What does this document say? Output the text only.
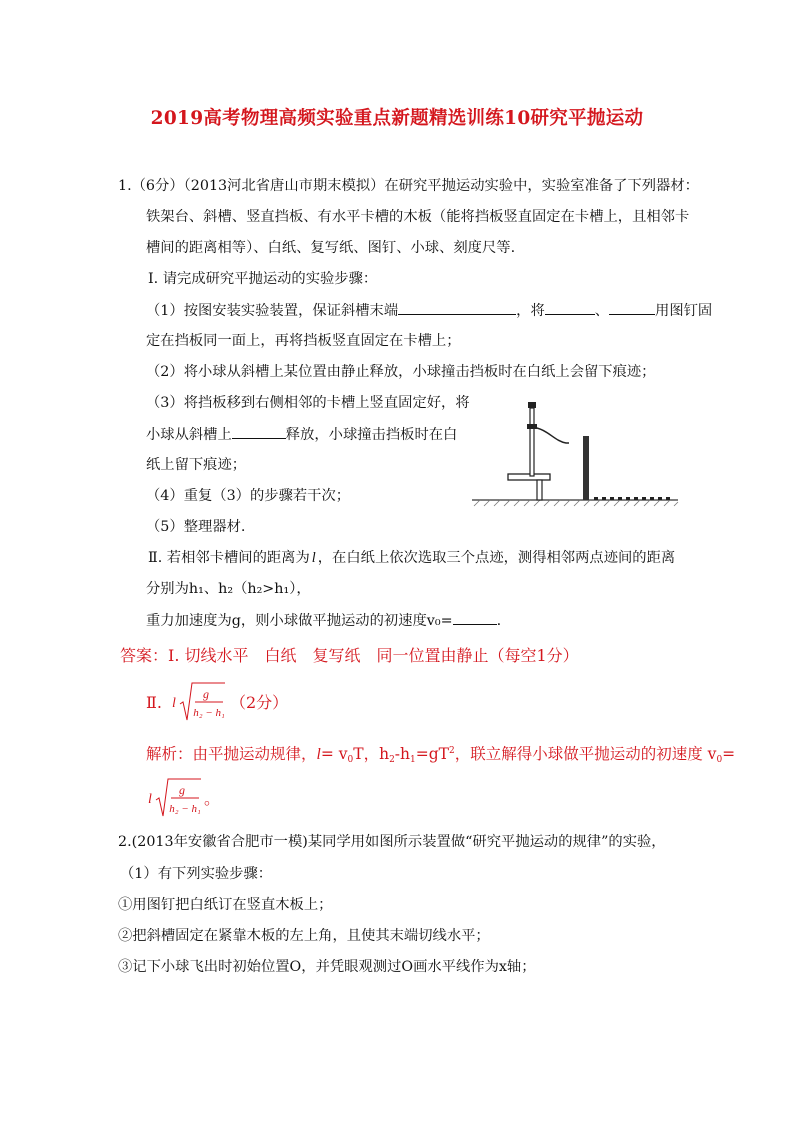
2019高考物理高频实验重点新题精选训练10研究平抛运动
1.（6分）（2013河北省唐山市期末模拟）在研究平抛运动实验中，实验室准备了下列器材：
铁架台、斜槽、竖直挡板、有水平卡槽的木板（能将挡板竖直固定在卡槽上，且相邻卡
槽间的距离相等）、白纸、复写纸、图钉、小球、刻度尺等.
Ⅰ. 请完成研究平抛运动的实验步骤：
（1）按图安装实验装置，保证斜槽末端	，将	、	用图钉固
定在挡板同一面上，再将挡板竖直固定在卡槽上；
（2）将小球从斜槽上某位置由静止释放，小球撞击挡板时在白纸上会留下痕迹；
（3）将挡板移到右侧相邻的卡槽上竖直固定好，将
小球从斜槽上	释放，小球撞击挡板时在白
纸上留下痕迹；
（4）重复（3）的步骤若干次；
（5）整理器材.
Ⅱ. 若相邻卡槽间的距离为 l ，在白纸上依次选取三个点迹，测得相邻两点迹间的距离
分别为h₁、h₂（h₂>h₁），
重力加速度为g，则小球做平抛运动的初速度v₀=	.
答案：Ⅰ. 切线水平　白纸　复写纸　同一位置由静止（每空1分）
Ⅱ. l
g
h₂ − h₁
（2分）
解析：由平抛运动规律，$l= v_0T$，$h_2-h_1=gT^2$，联立解得小球做平抛运动的初速度 $v_0=$
l
g
h₂ − h₁
。
2.(2013年安徽省合肥市一模)某同学用如图所示装置做“研究平抛运动的规律”的实验，
（1）有下列实验步骤：
①用图钉把白纸订在竖直木板上；
②把斜槽固定在紧靠木板的左上角，且使其末端切线水平；
③记下小球飞出时初始位置O，并凭眼观测过O画水平线作为x轴；
